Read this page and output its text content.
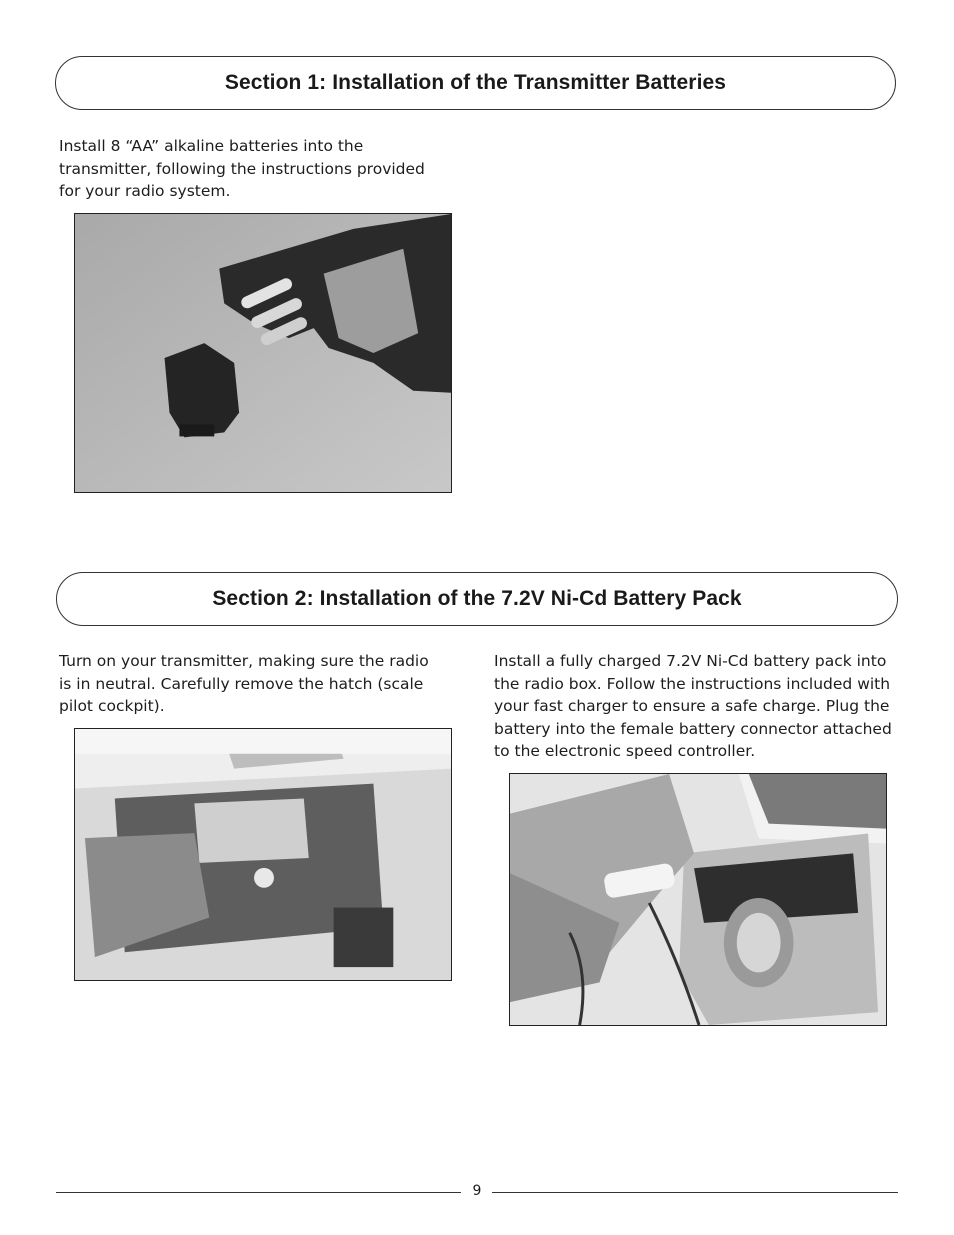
Section 1: Installation of the Transmitter Batteries
Install 8 “AA” alkaline batteries into the
transmitter, following the instructions provided
for your radio system.
Section 2: Installation of the 7.2V Ni-Cd Battery Pack
Turn on your transmitter, making sure the radio
is in neutral. Carefully remove the hatch (scale
pilot cockpit).
Install a fully charged 7.2V Ni-Cd battery pack into
the radio box. Follow the instructions included with
your fast charger to ensure a safe charge. Plug the
battery into the female battery connector attached
to the electronic speed controller.
9
